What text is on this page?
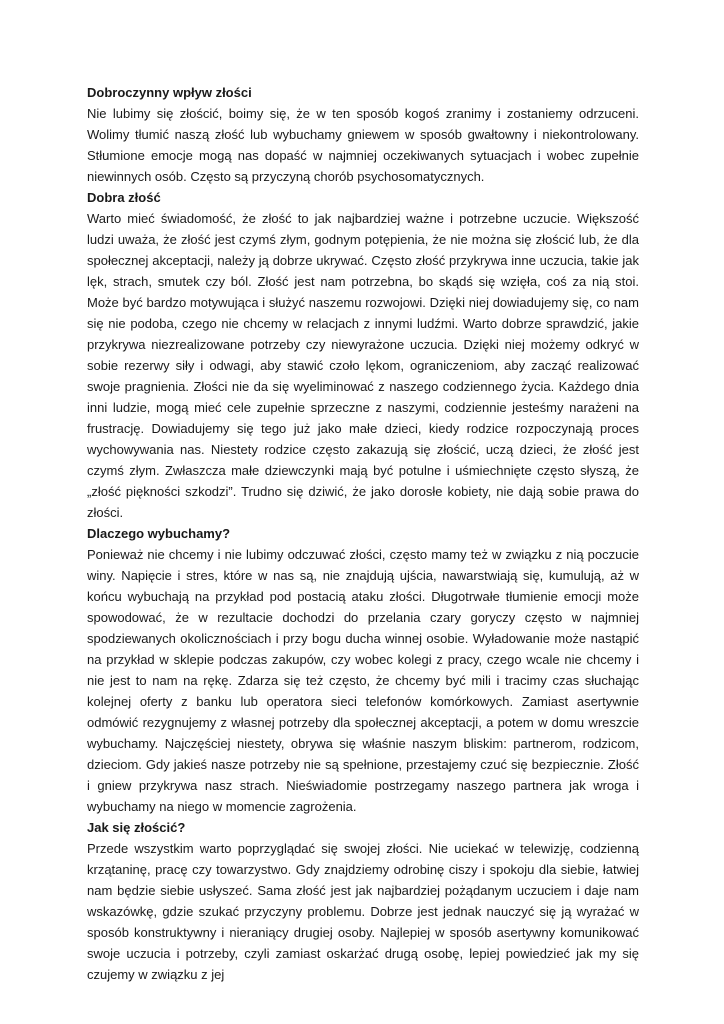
Dobroczynny wpływ złości
Nie lubimy się złościć, boimy się, że w ten sposób kogoś zranimy i zostaniemy odrzuceni. Wolimy tłumić naszą złość lub wybuchamy gniewem w sposób gwałtowny i niekontrolowany. Stłumione emocje mogą nas dopaść w najmniej oczekiwanych sytuacjach i wobec zupełnie niewinnych osób. Często są przyczyną chorób psychosomatycznych.
Dobra złość
Warto mieć świadomość, że złość to jak najbardziej ważne i potrzebne uczucie. Większość ludzi uważa, że złość jest czymś złym, godnym potępienia, że nie można się złościć lub, że dla społecznej akceptacji, należy ją dobrze ukrywać. Często złość przykrywa inne uczucia, takie jak lęk, strach, smutek czy ból. Złość jest nam potrzebna, bo skądś się wzięła, coś za nią stoi. Może być bardzo motywująca i służyć naszemu rozwojowi. Dzięki niej dowiadujemy się, co nam się nie podoba, czego nie chcemy w relacjach z innymi ludźmi. Warto dobrze sprawdzić, jakie przykrywa niezrealizowane potrzeby czy niewyrażone uczucia. Dzięki niej możemy odkryć w sobie rezerwy siły i odwagi, aby stawić czoło lękom, ograniczeniom, aby zacząć realizować swoje pragnienia. Złości nie da się wyeliminować z naszego codziennego życia. Każdego dnia inni ludzie, mogą mieć cele zupełnie sprzeczne z naszymi, codziennie jesteśmy narażeni na frustrację. Dowiadujemy się tego już jako małe dzieci, kiedy rodzice rozpoczynają proces wychowywania nas. Niestety rodzice często zakazują się złościć, uczą dzieci, że złość jest czymś złym. Zwłaszcza małe dziewczynki mają być potulne i uśmiechnięte często słyszą, że „złość piękności szkodzi”. Trudno się dziwić, że jako dorosłe kobiety, nie dają sobie prawa do złości.
Dlaczego wybuchamy?
Ponieważ nie chcemy i nie lubimy odczuwać złości, często mamy też w związku z nią poczucie winy. Napięcie i stres, które w nas są, nie znajdują ujścia, nawarstwiają się, kumulują, aż w końcu wybuchają na przykład pod postacią ataku złości. Długotrwałe tłumienie emocji może spowodować, że w rezultacie dochodzi do przelania czary goryczy często w najmniej spodziewanych okolicznościach i przy bogu ducha winnej osobie. Wyładowanie może nastąpić na przykład w sklepie podczas zakupów, czy wobec kolegi z pracy, czego wcale nie chcemy i nie jest to nam na rękę. Zdarza się też często, że chcemy być mili i tracimy czas słuchając kolejnej oferty z banku lub operatora sieci telefonów komórkowych. Zamiast asertywnie odmówić rezygnujemy z własnej potrzeby dla społecznej akceptacji, a potem w domu wreszcie wybuchamy. Najczęściej niestety, obrywa się właśnie naszym bliskim: partnerom, rodzicom, dzieciom. Gdy jakieś nasze potrzeby nie są spełnione, przestajemy czuć się bezpiecznie. Złość i gniew przykrywa nasz strach. Nieświadomie postrzegamy naszego partnera jak wroga i wybuchamy na niego w momencie zagrożenia.
Jak się złościć?
Przede wszystkim warto poprzyglądać się swojej złości. Nie uciekać w telewizję, codzienną krzątaninę, pracę czy towarzystwo. Gdy znajdziemy odrobinę ciszy i spokoju dla siebie, łatwiej nam będzie siebie usłyszeć. Sama złość jest jak najbardziej pożądanym uczuciem i daje nam wskazówkę, gdzie szukać przyczyny problemu. Dobrze jest jednak nauczyć się ją wyrażać w sposób konstruktywny i nieraniący drugiej osoby. Najlepiej w sposób asertywny komunikować swoje uczucia i potrzeby, czyli zamiast oskarżać drugą osobę, lepiej powiedzieć jak my się czujemy w związku z jej
